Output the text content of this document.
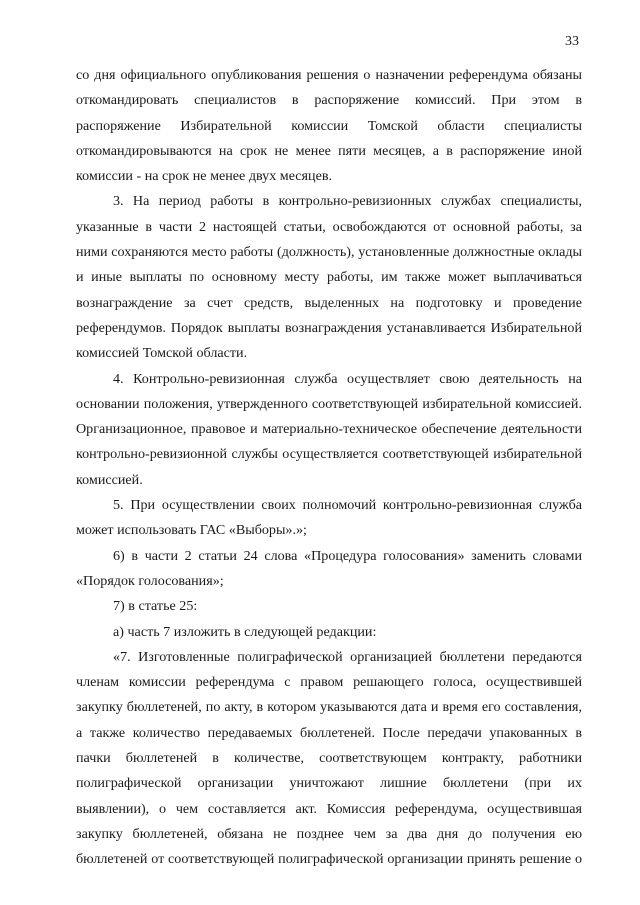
33
со дня официального опубликования решения о назначении референдума обязаны
откомандировать специалистов в распоряжение комиссий. При этом в
распоряжение Избирательной комиссии Томской области специалисты
откомандировываются на срок не менее пяти месяцев, а в распоряжение иной
комиссии - на срок не менее двух месяцев.
3. На период работы в контрольно-ревизионных службах специалисты,
указанные в части 2 настоящей статьи, освобождаются от основной работы, за
ними сохраняются место работы (должность), установленные должностные оклады
и иные выплаты по основному месту работы, им также может выплачиваться
вознаграждение за счет средств, выделенных на подготовку и проведение
референдумов. Порядок выплаты вознаграждения устанавливается Избирательной
комиссией Томской области.
4. Контрольно-ревизионная служба осуществляет свою деятельность на
основании положения, утвержденного соответствующей избирательной комиссией.
Организационное, правовое и материально-техническое обеспечение деятельности
контрольно-ревизионной службы осуществляется соответствующей избирательной
комиссией.
5. При осуществлении своих полномочий контрольно-ревизионная служба
может использовать ГАС «Выборы».»;
6) в части 2 статьи 24 слова «Процедура голосования» заменить словами
«Порядок голосования»;
7) в статье 25:
а) часть 7 изложить в следующей редакции:
«7. Изготовленные полиграфической организацией бюллетени передаются
членам комиссии референдума с правом решающего голоса, осуществившей
закупку бюллетеней, по акту, в котором указываются дата и время его составления,
а также количество передаваемых бюллетеней. После передачи упакованных в
пачки бюллетеней в количестве, соответствующем контракту, работники
полиграфической организации уничтожают лишние бюллетени (при их
выявлении), о чем составляется акт. Комиссия референдума, осуществившая
закупку бюллетеней, обязана не позднее чем за два дня до получения ею
бюллетеней от соответствующей полиграфической организации принять решение о
